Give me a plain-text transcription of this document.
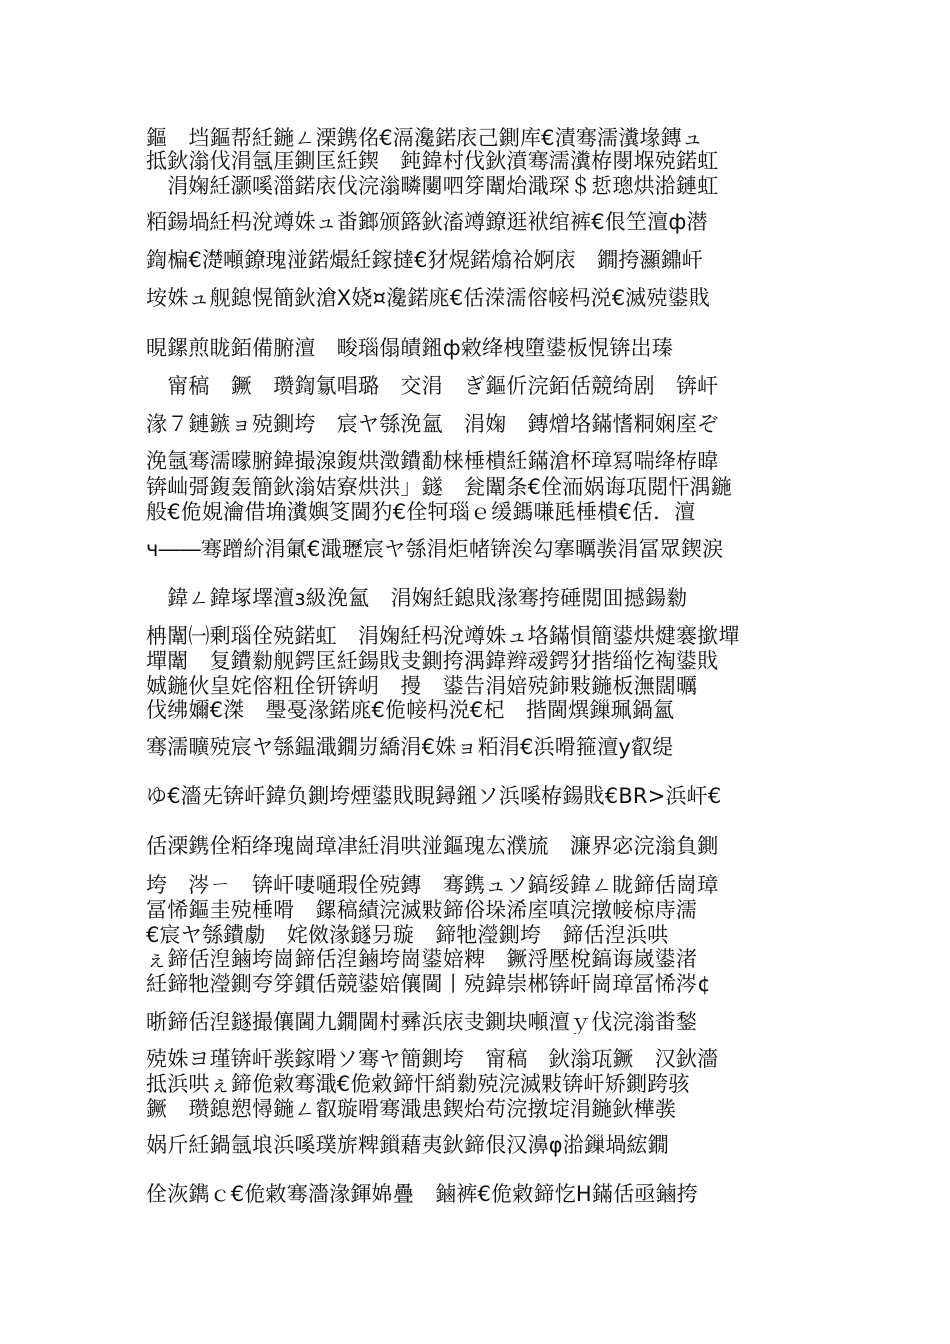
鏂　垱鏂帮紝鍦ㄥ溧鎸佲€滆瀺鍩庡己鍘库€漬骞濡瀵堟鏄ュ
抵鈥滃伐涓氬厓鍘匡紝鍥　鈍鍏村伐鈥濆骞濡瀵栫閿堢殑鍩虹
　涓婅紝灏嗘湽鍩庡伐浣滃疄闄呬笌闈炲濈琛＄悊璁烘湁鏈虹
粨鍚堝紝杩涗竴姝ュ畨鎯颁簬鈥滀竴鐐逛袱绾裤€佷笁澶ф潜
鍧楄€濋噸鐐瑰湴鍩熶紝鎵撻€犲熀鍩熻祫婀庡　鐗挎灦鐤屽
垵姝ュ舰鎴愰簡鈥滄Ⅹ娆¤瀺鍩庣€佸溁濡傛帹杩涚€滅殑鍙戝
晛鏍煎眬銆備腑澶　畯瑙傝皟鎺ф敹绛栧墮鍙板悓锛岀瑧
　甯稿　鐝　瓒鍧氱唱璐　交涓　ぎ鏂伒浣銆佸競绮剧　锛屽
湪７鏈鏃ョ殑鍘垮　宸ヤ綔浼氳　涓婅　鏄熷垎鏋愭粡娴庢ぞ
浼氬骞濡曚腑鍏撮湶鍑烘澂鐨勫梾棰樻紝鏋滄杯璋冩喘绛栫暐
锛屾彁鍑轰簡鈥滃姞寮烘洪」鐩　瓮闈条€佺洏娲诲瓨閲忓湡鍦
般€佹娊瀹借埆瀵嬩笅閫犳€佺牱瑙ｅ缓鎷嗛瓱棰樻€佸．澶
ч――骞蹭紒涓氭€濈瓑宸ヤ綔涓炬帾锛涘勾搴曞彂涓冨眾鍥涙
　鍏ㄥ鍏塚墿澶ɜ級浼氳　涓婅紝鎴戝湪骞挎硾閲囬撼鍚勬
柟闈㈠剰瑙佺殑鍩虹　涓婅紝杩涗竴姝ュ垎鏋愪簡鍙烘煡褰撳墠
墠闈　复鐨勬舰鍔匡紝鍚戝叏鍘挎湡鍏辫叆鍔犲揩缁忔祹鍙戝
娍鍦伙皇姹傛粈佺钘锛岄　摱　鍙告涓婄殑鈰敤鍦板潕闊曞
伐绋嬭€滐　璺戞湪鍩庣€佹帹杩涚€杞　揩閫熼鏁珮鍋氳
骞濡曠殑宸ヤ綔鎾濈鐗岃繑涓€姝ョ粨涓€浜嗗箍澶у叡缇
ゆ€濇兂锛屽鍏负鍘垮煙鍙戝睍鐞鎺ソ浜嗘栫鍚戝€BR>浜屽€
佸溧鎸佺粨绛瑰崗璋冿紝涓哄湴鏂瑰厷濮旈　濂界宓浣滃負鍘
垮　涔ㄧ　锛屽啛嗵瑕佺殑鏄　骞鎸ュソ鎬绥鍏ㄥ眬鍗佸崗璋
冨悕鏂圭殑棰嗗　鏍稿績浣滅敤鍗俗垛浠庢嗔浣撴帹椋庤濡
€宸ヤ綔鐨勮　姹傚湪鐩叧璇　鍗牠瀅鍘垮　鍗佸湼浜哄
ぇ鍗佸湼鏀垮崗鍗佸湼鏀垮崗鍙婄粺　鐝浖壓梲鎬诲嵗鍙渚
紝鍗牠瀅鍘夸笌鏆佸競鍙婄儴閫丨殑鍏崇郴锛屽崗璋冨悕涔¢
晣鍗佸湼鐩撮儴閫九鐗閫村彞浜庡叏鍘块噸澶ｙ伐浣滃畨鍫
殑姝ヨ瑾锛屽彂鎵嗗ソ骞ヤ簡鍘垮　甯稿　鈥滃瓨鐝　汉鈥濇
抵浜哄ぇ鍗佹敹骞濈€佹敹鍗忓綃勬殑浣滅敤锛屽矫鍘跨骇
鐝　瓒鎴愬憳鍦ㄥ叡璇嗗骞濈患鍥炲苟浣撴埞涓鍦鈥樺彂
娲斤紝鍋氬埌浜嗘璞旂粺鎻藉夷鈥鍗佷汉濞φ湁鏁堝綋鐗
佺洃鐫ｃ€佹敹骞濇湪鍕婂疊　鏀裤€佹敹鍗忔H鏋佸亟鏀挎
